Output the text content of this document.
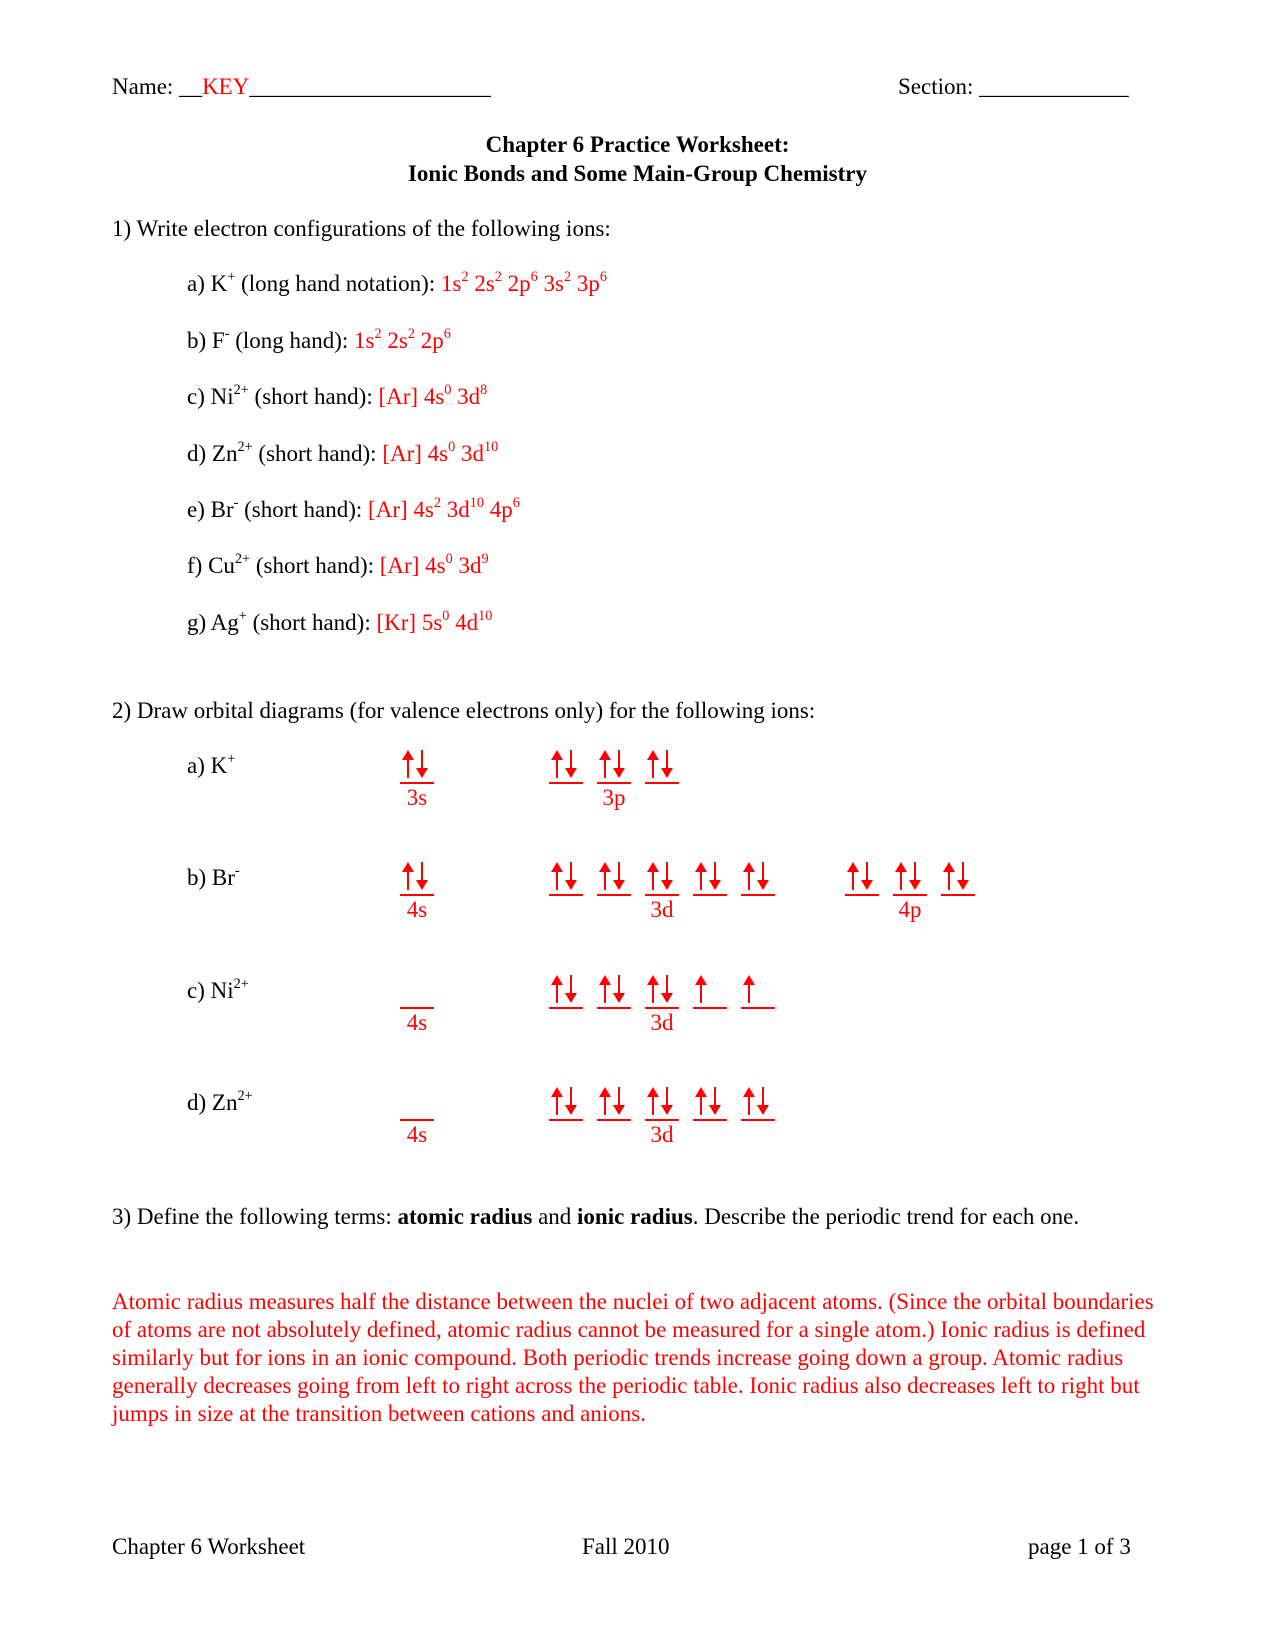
Name: __KEY_____________________	Section: _____________
Chapter 6 Practice Worksheet:
Ionic Bonds and Some Main-Group Chemistry
1) Write electron configurations of the following ions:
a) K+ (long hand notation): $1s^2$ $2s^2$ $2p^6$ $3s^2$ $3p^6$
b) F- (long hand): $1s^2$ $2s^2$ $2p^6$
c) $Ni^{2+}$ (short hand): [Ar] $4s^0$ $3d^8$
d) $Zn^{2+}$ (short hand): [Ar] $4s^0$ $3d^{10}$
e) Br- (short hand): [Ar] $4s^2$ $3d^{10}$ $4p^6$
f) $Cu^{2+}$ (short hand): [Ar] $4s^0$ $3d^9$
g) Ag+ (short hand): [Kr] $5s^0$ $4d^{10}$
2) Draw orbital diagrams (for valence electrons only) for the following ions:
a) K+
3s	3p
b) Br-
4s	3d	4p
c) $Ni^{2+}$
4s	3d
d) $Zn^{2+}$
4s	3d
3) Define the following terms: atomic radius and ionic radius. Describe the periodic trend for each one.
Atomic radius measures half the distance between the nuclei of two adjacent atoms. (Since the orbital boundaries of atoms are not absolutely defined, atomic radius cannot be measured for a single atom.) Ionic radius is defined similarly but for ions in an ionic compound. Both periodic trends increase going down a group. Atomic radius generally decreases going from left to right across the periodic table. Ionic radius also decreases left to right but jumps in size at the transition between cations and anions.
Chapter 6 Worksheet	Fall 2010	page 1 of 3
